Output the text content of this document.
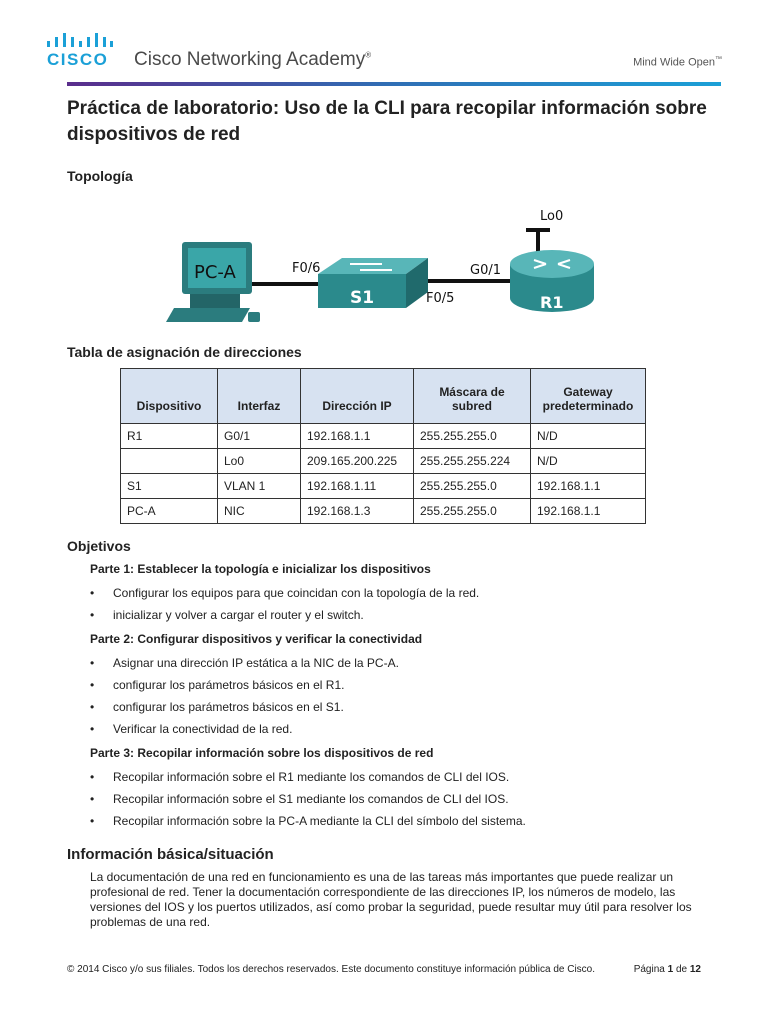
CISCO Cisco Networking Academy®
Mind Wide Open™
Práctica de laboratorio: Uso de la CLI para recopilar información sobre dispositivos de red
Topología
PC-A
S1	R1
Lo0
F0/6
F0/5
G0/1
Tabla de asignación de direcciones
Dispositivo	Interfaz	Dirección IP	Máscara de subred	Gateway predeterminado
R1	G0/1	192.168.1.1	255.255.255.0	N/D
	Lo0	209.165.200.225	255.255.255.224	N/D
S1	VLAN 1	192.168.1.11	255.255.255.0	192.168.1.1
PC-A	NIC	192.168.1.3	255.255.255.0	192.168.1.1
Objetivos
Parte 1: Establecer la topología e inicializar los dispositivos
• Configurar los equipos para que coincidan con la topología de la red.
• inicializar y volver a cargar el router y el switch.
Parte 2: Configurar dispositivos y verificar la conectividad
• Asignar una dirección IP estática a la NIC de la PC-A.
• configurar los parámetros básicos en el R1.
• configurar los parámetros básicos en el S1.
• Verificar la conectividad de la red.
Parte 3: Recopilar información sobre los dispositivos de red
• Recopilar información sobre el R1 mediante los comandos de CLI del IOS.
• Recopilar información sobre el S1 mediante los comandos de CLI del IOS.
• Recopilar información sobre la PC-A mediante la CLI del símbolo del sistema.
Información básica/situación
La documentación de una red en funcionamiento es una de las tareas más importantes que puede realizar un profesional de red. Tener la documentación correspondiente de las direcciones IP, los números de modelo, las versiones del IOS y los puertos utilizados, así como probar la seguridad, puede resultar muy útil para resolver los problemas de una red.
© 2014 Cisco y/o sus filiales. Todos los derechos reservados. Este documento constituye información pública de Cisco.	Página 1 de 12
